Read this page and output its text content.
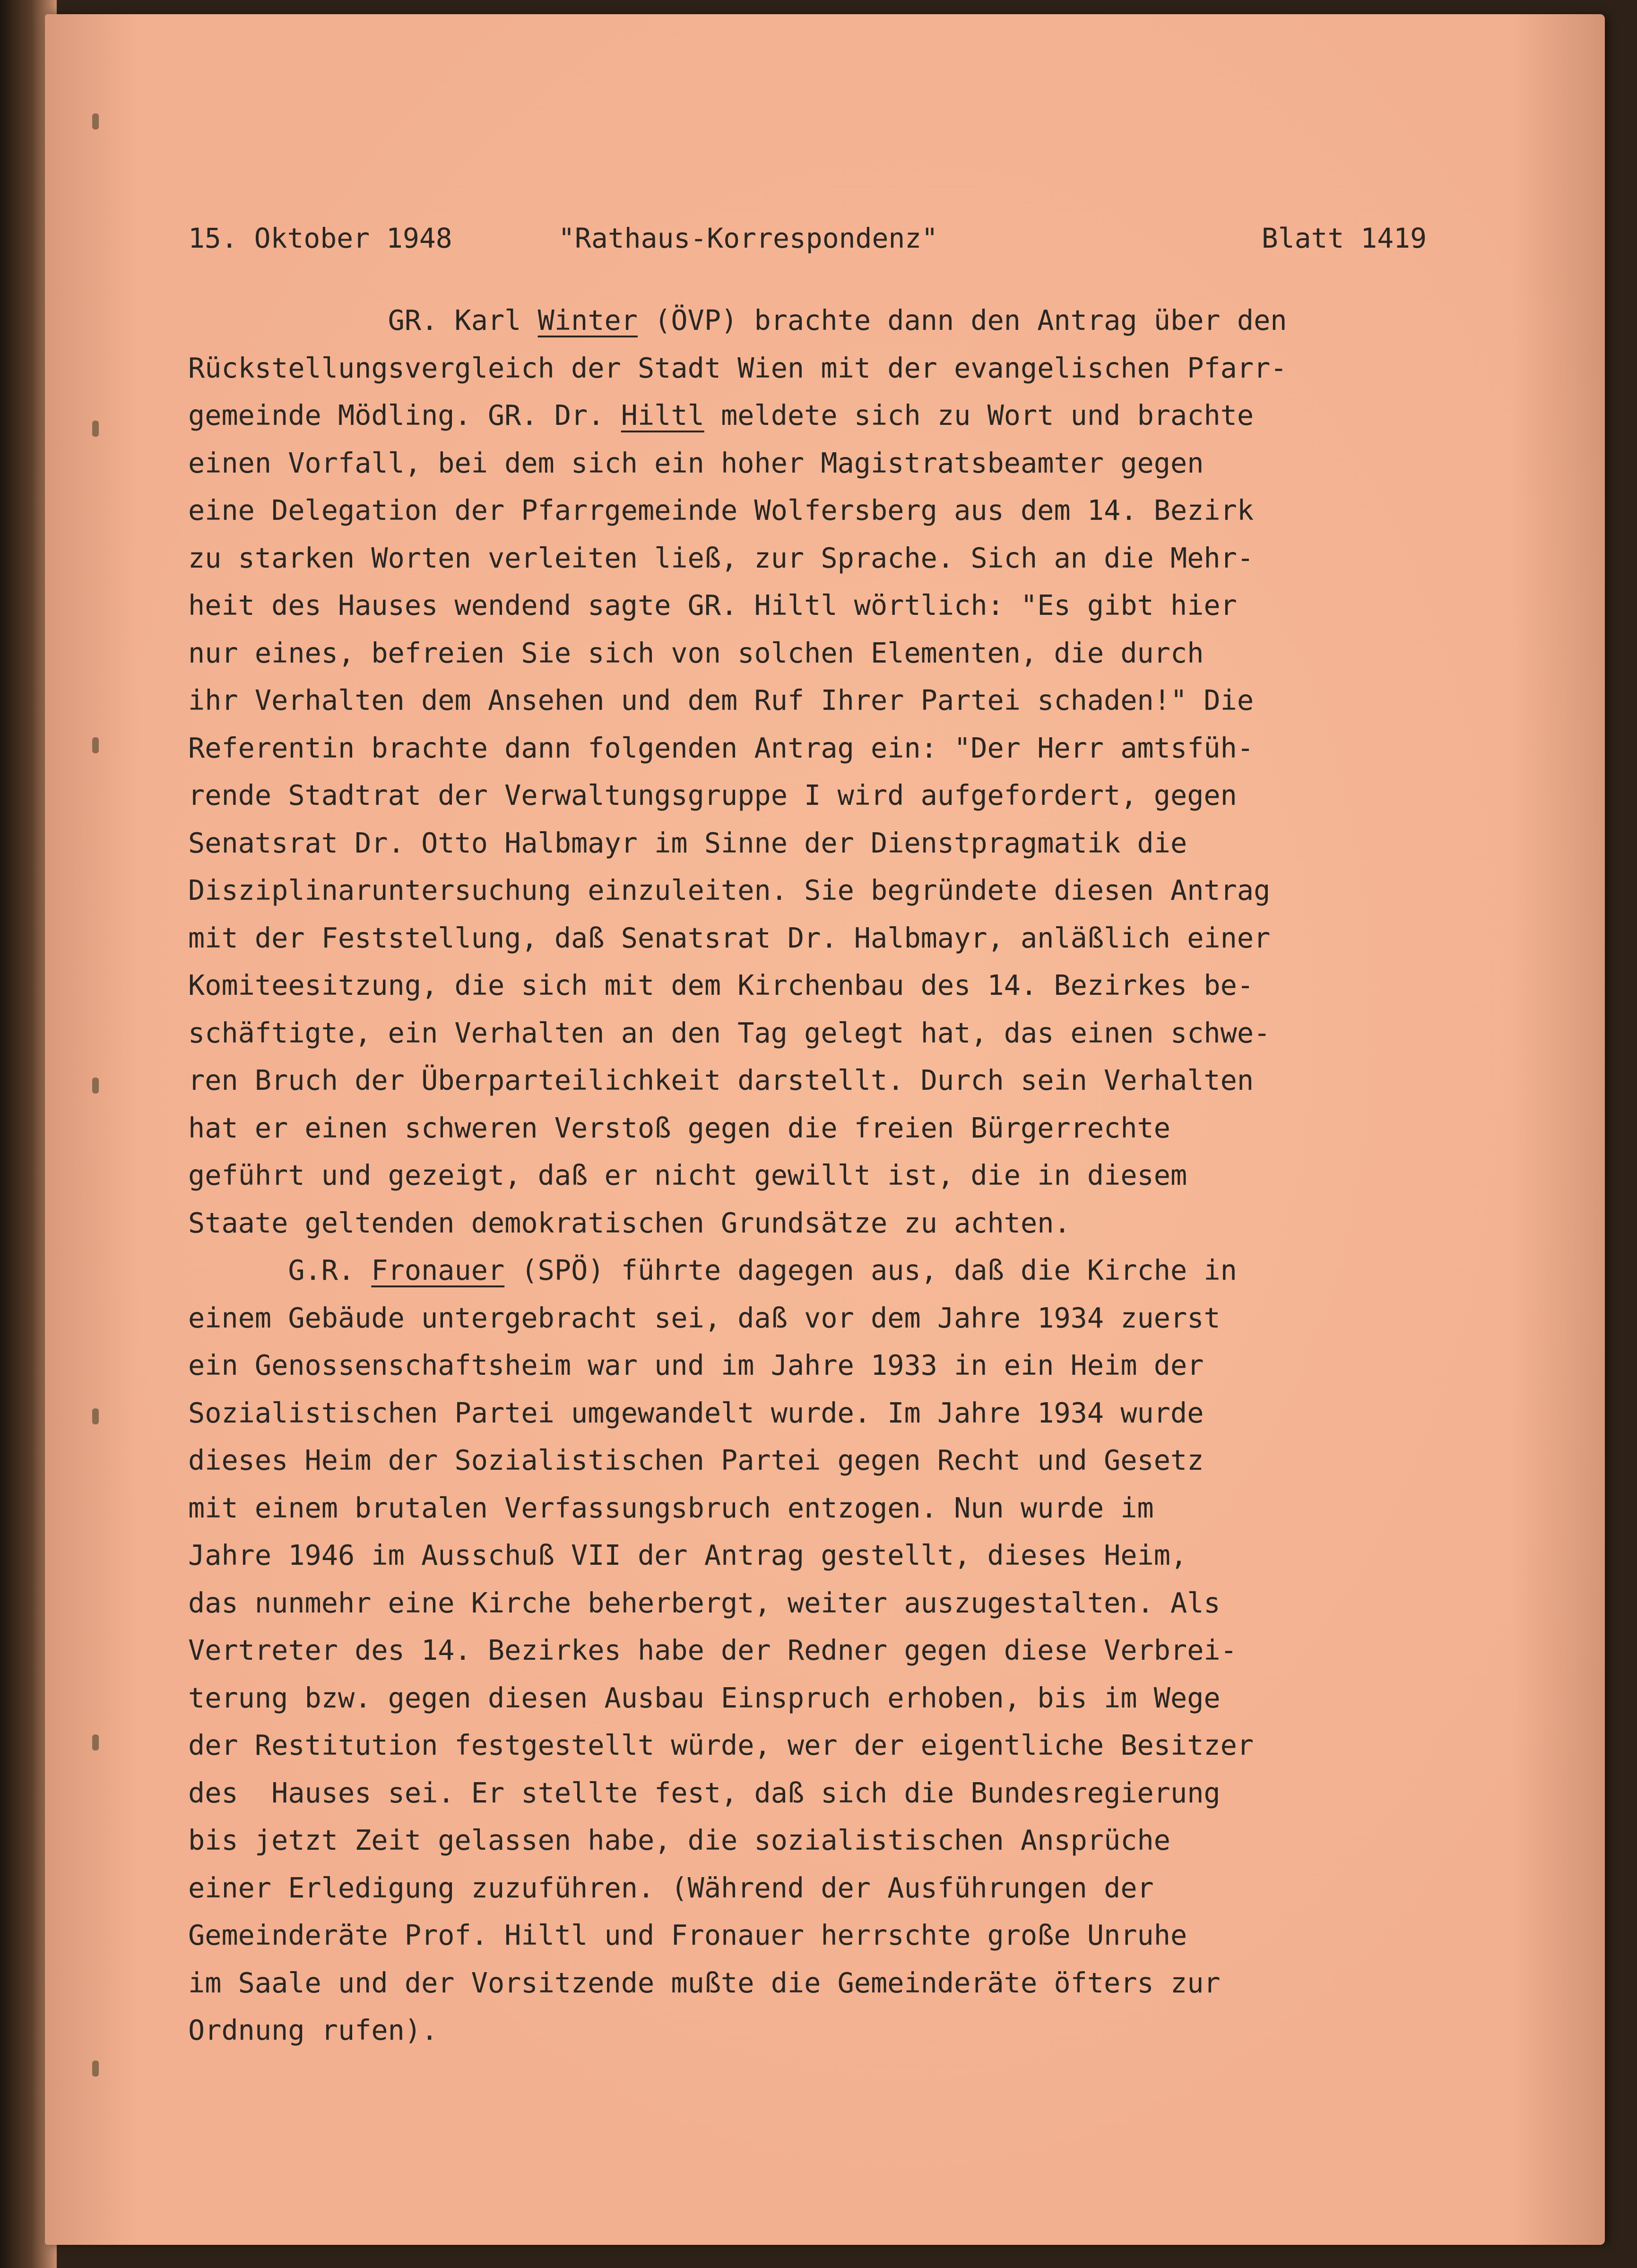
15. Oktober 1948	"Rathaus-Korrespondenz"	Blatt 1419
GR. Karl Winter (ÖVP) brachte dann den Antrag über den
Rückstellungsvergleich der Stadt Wien mit der evangelischen Pfarr-
gemeinde Mödling. GR. Dr. Hiltl meldete sich zu Wort und brachte
einen Vorfall, bei dem sich ein hoher Magistratsbeamter gegen
eine Delegation der Pfarrgemeinde Wolfersberg aus dem 14. Bezirk
zu starken Worten verleiten ließ, zur Sprache. Sich an die Mehr-
heit des Hauses wendend sagte GR. Hiltl wörtlich: "Es gibt hier
nur eines, befreien Sie sich von solchen Elementen, die durch
ihr Verhalten dem Ansehen und dem Ruf Ihrer Partei schaden!" Die
Referentin brachte dann folgenden Antrag ein: "Der Herr amtsfüh-
rende Stadtrat der Verwaltungsgruppe I wird aufgefordert, gegen
Senatsrat Dr. Otto Halbmayr im Sinne der Dienstpragmatik die
Disziplinaruntersuchung einzuleiten. Sie begründete diesen Antrag
mit der Feststellung, daß Senatsrat Dr. Halbmayr, anläßlich einer
Komiteesitzung, die sich mit dem Kirchenbau des 14. Bezirkes be-
schäftigte, ein Verhalten an den Tag gelegt hat, das einen schwe-
ren Bruch der Überparteilichkeit darstellt. Durch sein Verhalten
hat er einen schweren Verstoß gegen die freien Bürgerrechte
geführt und gezeigt, daß er nicht gewillt ist, die in diesem
Staate geltenden demokratischen Grundsätze zu achten.
G.R. Fronauer (SPÖ) führte dagegen aus, daß die Kirche in
einem Gebäude untergebracht sei, daß vor dem Jahre 1934 zuerst
ein Genossenschaftsheim war und im Jahre 1933 in ein Heim der
Sozialistischen Partei umgewandelt wurde. Im Jahre 1934 wurde
dieses Heim der Sozialistischen Partei gegen Recht und Gesetz
mit einem brutalen Verfassungsbruch entzogen. Nun wurde im
Jahre 1946 im Ausschuß VII der Antrag gestellt, dieses Heim,
das nunmehr eine Kirche beherbergt, weiter auszugestalten. Als
Vertreter des 14. Bezirkes habe der Redner gegen diese Verbrei-
terung bzw. gegen diesen Ausbau Einspruch erhoben, bis im Wege
der Restitution festgestellt würde, wer der eigentliche Besitzer
des  Hauses sei. Er stellte fest, daß sich die Bundesregierung
bis jetzt Zeit gelassen habe, die sozialistischen Ansprüche
einer Erledigung zuzuführen. (Während der Ausführungen der
Gemeinderäte Prof. Hiltl und Fronauer herrschte große Unruhe
im Saale und der Vorsitzende mußte die Gemeinderäte öfters zur
Ordnung rufen).
